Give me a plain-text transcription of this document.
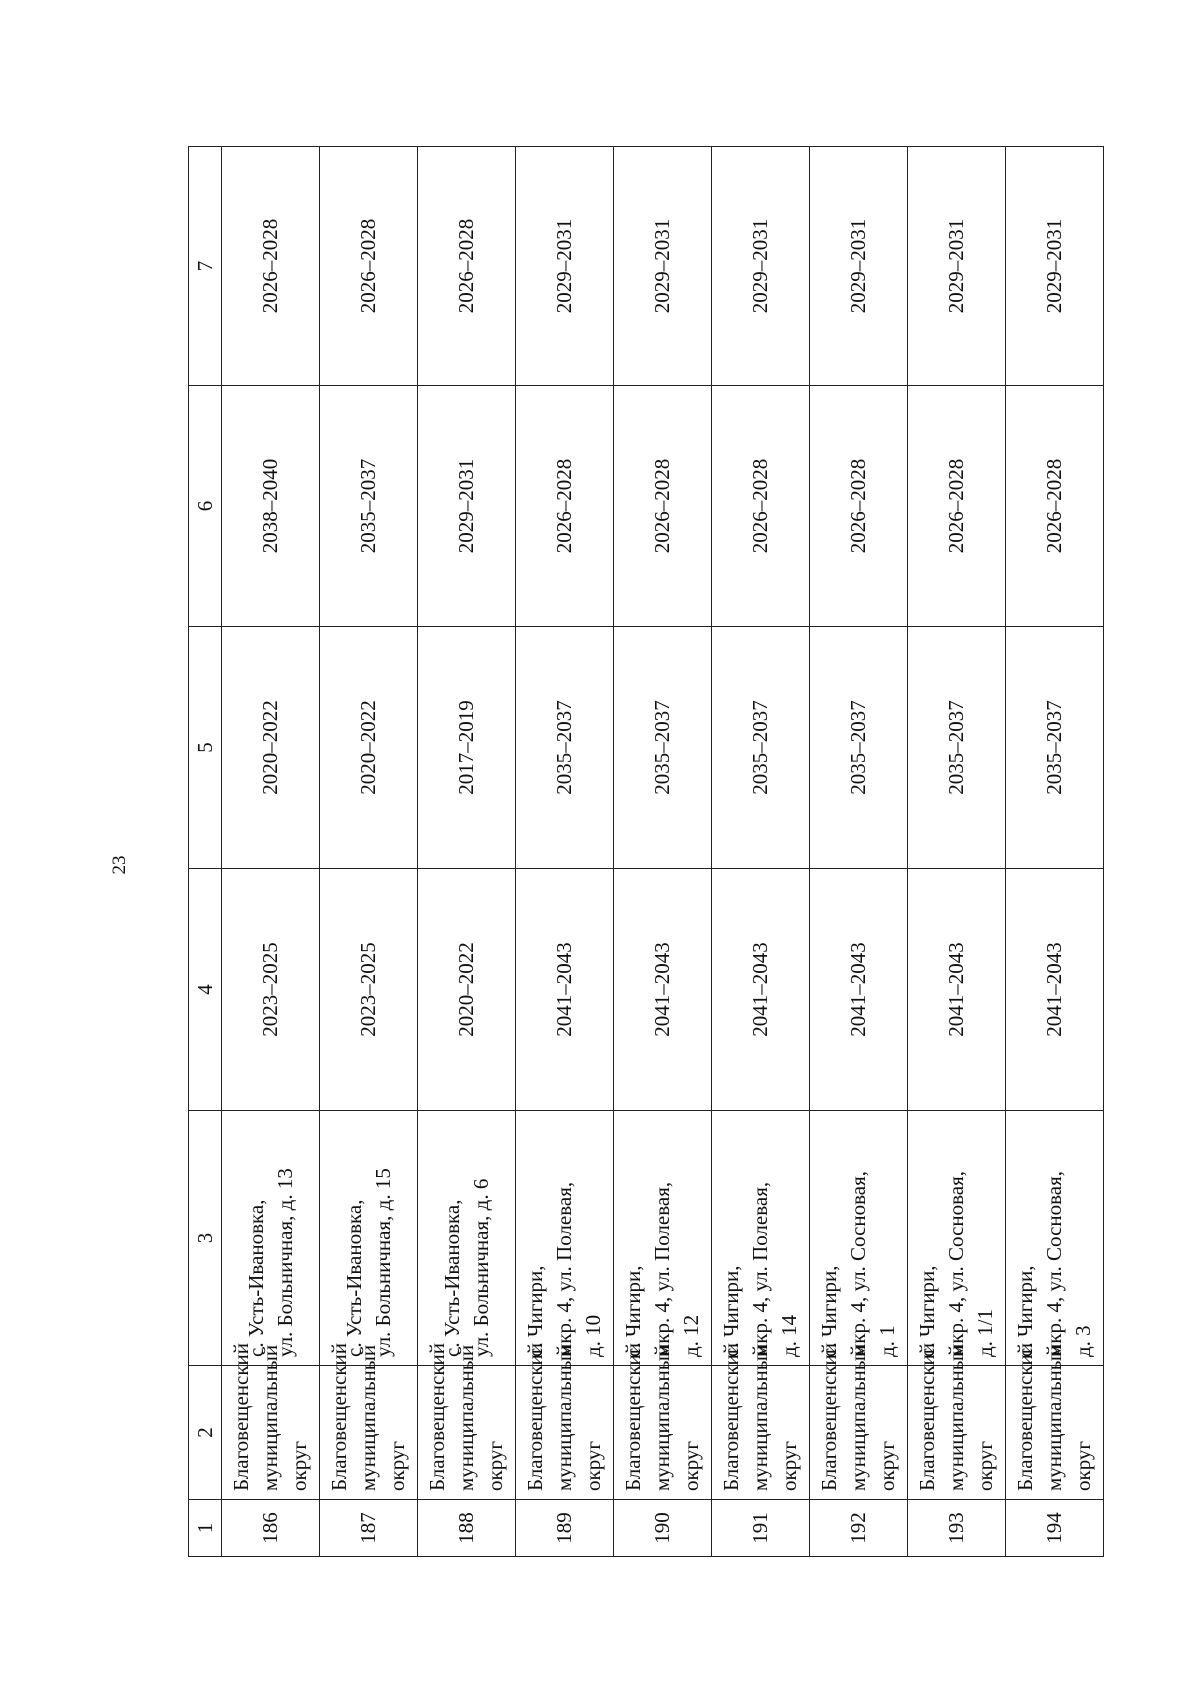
23
1	2	3	4	5	6	7
186	Благовещенский муниципальный округ	с. Усть-Ивановка, ул. Больничная, д. 13	2023–2025	2020–2022	2038–2040	2026–2028
187	Благовещенский муниципальный округ	с. Усть-Ивановка, ул. Больничная, д. 15	2023–2025	2020–2022	2035–2037	2026–2028
188	Благовещенский муниципальный округ	с. Усть-Ивановка, ул. Больничная, д. 6	2020–2022	2017–2019	2029–2031	2026–2028
189	Благовещенский муниципальный округ	с. Чигири, мкр. 4, ул. Полевая, д. 10	2041–2043	2035–2037	2026–2028	2029–2031
190	Благовещенский муниципальный округ	с. Чигири, мкр. 4, ул. Полевая, д. 12	2041–2043	2035–2037	2026–2028	2029–2031
191	Благовещенский муниципальный округ	с. Чигири, мкр. 4, ул. Полевая, д. 14	2041–2043	2035–2037	2026–2028	2029–2031
192	Благовещенский муниципальный округ	с. Чигири, мкр. 4, ул. Сосновая, д. 1	2041–2043	2035–2037	2026–2028	2029–2031
193	Благовещенский муниципальный округ	с. Чигири, мкр. 4, ул. Сосновая, д. 1/1	2041–2043	2035–2037	2026–2028	2029–2031
194	Благовещенский муниципальный округ	с. Чигири, мкр. 4, ул. Сосновая, д. 3	2041–2043	2035–2037	2026–2028	2029–2031
